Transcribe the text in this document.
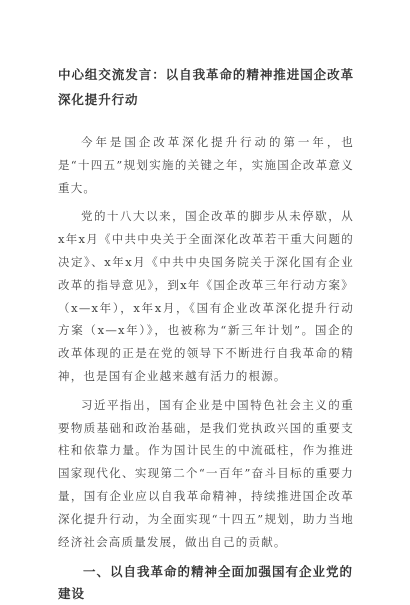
中心组交流发言：以自我革命的精神推进国企改革深化提升行动

今年是国企改革深化提升行动的第一年，也是“十四五”规划实施的关键之年，实施国企改革意义重大。

党的十八大以来，国企改革的脚步从未停歇，从x年x月《中共中央关于全面深化改革若干重大问题的决定》、x年x月《中共中央国务院关于深化国有企业改革的指导意见》，到x年《国企改革三年行动方案》（x—x年），x年x月，《国有企业改革深化提升行动方案（x—x年）》，也被称为“新三年计划”。国企的改革体现的正是在党的领导下不断进行自我革命的精神，也是国有企业越来越有活力的根源。

习近平指出，国有企业是中国特色社会主义的重要物质基础和政治基础，是我们党执政兴国的重要支柱和依靠力量。作为国计民生的中流砥柱，作为推进国家现代化、实现第二个“一百年”奋斗目标的重要力量，国有企业应以自我革命精神，持续推进国企改革深化提升行动，为全面实现“十四五”规划，助力当地经济社会高质量发展，做出自己的贡献。

一、以自我革命的精神全面加强国有企业党的建设
